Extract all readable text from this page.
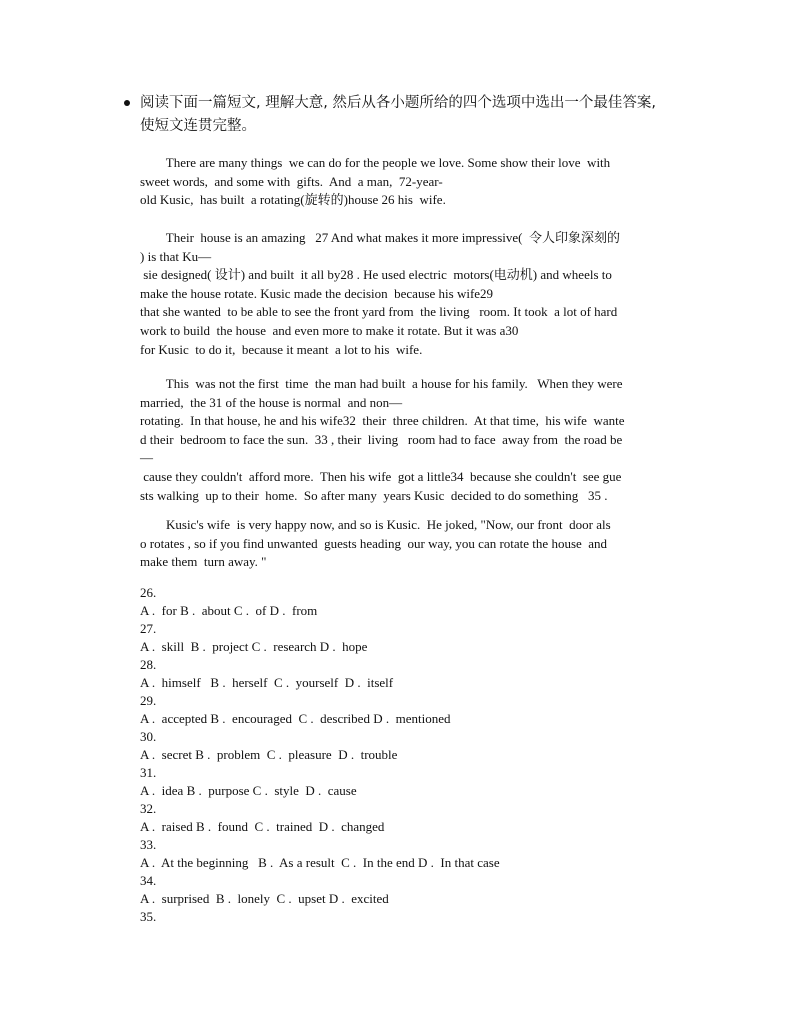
阅读下面一篇短文, 理解大意, 然后从各小题所给的四个选项中选出一个最佳答案,
使短文连贯完整。
There are many things  we can do for the people we love. Some show their love  with
sweet words,  and some with  gifts.  And  a man,  72-year-
old Kusic,  has built  a rotating(旋转的)house 26 his  wife.
Their  house is an amazing   27 And what makes it more impressive(  令人印象深刻的
) is that Ku—
sie designed( 设计) and built  it all by28 . He used electric  motors(电动机) and wheels to
make the house rotate. Kusic made the decision  because his wife29
that she wanted  to be able to see the front yard from  the living   room. It took  a lot of hard
work to build  the house  and even more to make it rotate. But it was a30
for Kusic  to do it,  because it meant  a lot to his  wife.
This  was not the first  time  the man had built  a house for his family.   When they were
married,  the 31 of the house is normal  and non—
rotating.  In that house, he and his wife32  their  three children.  At that time,  his wife  wante
d their  bedroom to face the sun.  33 , their  living   room had to face  away from  the road be
—
cause they couldn't  afford more.  Then his wife  got a little34  because she couldn't  see gue
sts walking  up to their  home.  So after many  years Kusic  decided to do something   35 .
Kusic's wife  is very happy now, and so is Kusic.  He joked, "Now, our front  door als
o rotates , so if you find unwanted  guests heading  our way, you can rotate the house  and
make them  turn away. "
26.
A .  for B .  about C .  of D .  from
27.
A .  skill  B .  project C .  research D .  hope
28.
A .  himself   B .  herself  C .  yourself  D .  itself
29.
A .  accepted B .  encouraged  C .  described D .  mentioned
30.
A .  secret B .  problem  C .  pleasure  D .  trouble
31.
A .  idea B .  purpose C .  style  D .  cause
32.
A .  raised B .  found  C .  trained  D .  changed
33.
A .  At the beginning   B .  As a result  C .  In the end D .  In that case
34.
A .  surprised  B .  lonely  C .  upset D .  excited
35.
